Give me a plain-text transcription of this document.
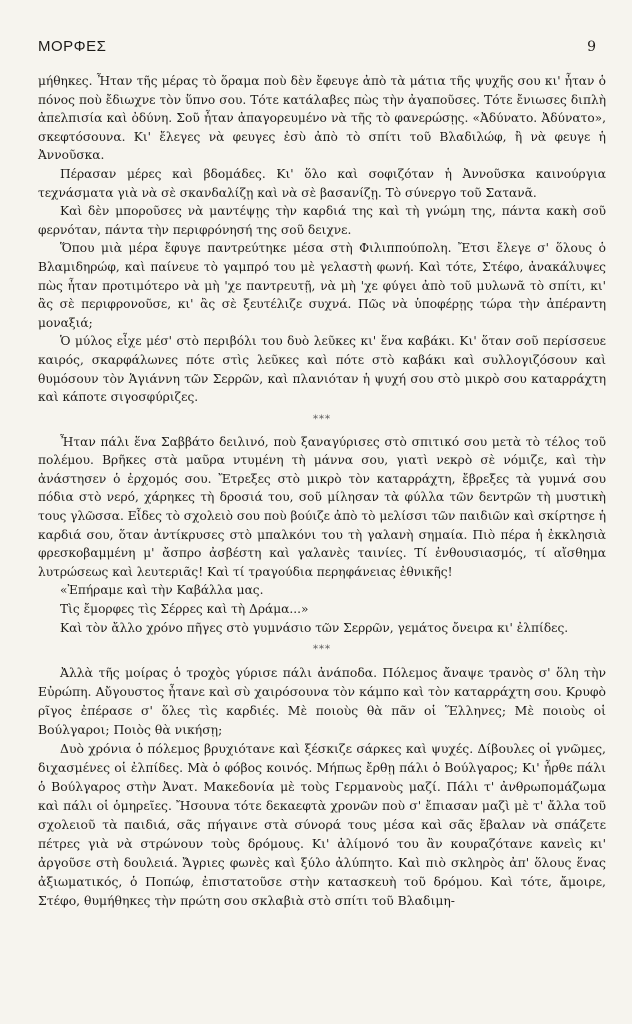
ΜΟΡΦΕΣ	9

μήθηκες. Ἦταν τῆς μέρας τὸ ὅραμα ποὺ δὲν ἔφευγε ἀπὸ τὰ μάτια τῆς ψυχῆς σου κι' ἦταν ὁ πόνος ποὺ ἔδιωχνε τὸν ὕπνο σου. Τότε κατάλαβες πὼς τὴν ἀγαποῦσες. Τότε ἔνιωσες διπλὴ ἀπελπισία καὶ ὀδύνη. Σοῦ ἦταν ἀπαγορευμένο νὰ τῆς τὸ φανερώσῃς. «Ἀδύνατο. Ἀδύνατο», σκεφτόσουνα. Κι' ἔλεγες νὰ φευγες ἐσὺ ἀπὸ τὸ σπίτι τοῦ Βλαδιλώφ, ἢ νὰ φευγε ἡ Ἀννοῦσκα.

Πέρασαν μέρες καὶ βδομάδες. Κι' ὅλο καὶ σοφιζόταν ἡ Ἀννοῦσκα καινούργια τεχνάσματα γιὰ νὰ σὲ σκανδαλίζῃ καὶ νὰ σὲ βασανίζῃ. Τὸ σύνεργο τοῦ Σατανᾶ.

Καὶ δὲν μποροῦσες νὰ μαντέψῃς τὴν καρδιά της καὶ τὴ γνώμη της, πάντα κακὴ σοῦ φερνόταν, πάντα τὴν περιφρόνησή της σοῦ δειχνε.

Ὅπου μιὰ μέρα ἔφυγε παντρεύτηκε μέσα στὴ Φιλιππούπολη. Ἔτσι ἔλεγε σ' ὅλους ὁ Βλαμιδηρώφ, καὶ παίνευε τὸ γαμπρό του μὲ γελαστὴ φωνή. Καὶ τότε, Στέφο, ἀνακάλυψες πὼς ἦταν προτιμότερο νὰ μὴ 'χε παντρευτῇ, νὰ μὴ 'χε φύγει ἀπὸ τοῦ μυλωνᾶ τὸ σπίτι, κι' ἂς σὲ περιφρονοῦσε, κι' ἂς σὲ ξευτέλιζε συχνά. Πῶς νὰ ὑποφέρῃς τώρα τὴν ἀπέραντη μοναξιά;

Ὁ μύλος εἶχε μέσ' στὸ περιβόλι του δυὸ λεῦκες κι' ἕνα καβάκι. Κι' ὅταν σοῦ περίσσευε καιρός, σκαρφάλωνες πότε στὶς λεῦκες καὶ πότε στὸ καβάκι καὶ συλλογιζόσουν καὶ θυμόσουν τὸν Ἁγιάννη τῶν Σερρῶν, καὶ πλανιόταν ἡ ψυχή σου στὸ μικρὸ σου καταρράχτη καὶ κάποτε σιγοσφύριζες.

***

Ἦταν πάλι ἕνα Σαββάτο δειλινό, ποὺ ξαναγύρισες στὸ σπιτικό σου μετὰ τὸ τέλος τοῦ πολέμου. Βρῆκες στὰ μαῦρα ντυμένη τὴ μάννα σου, γιατὶ νεκρὸ σὲ νόμιζε, καὶ τὴν ἀνάστησεν ὁ ἐρχομός σου. Ἔτρεξες στὸ μικρὸ τὸν καταρράχτη, ἔβρεξες τὰ γυμνά σου πόδια στὸ νερό, χάρηκες τὴ δροσιά του, σοῦ μίλησαν τὰ φύλλα τῶν δεντρῶν τὴ μυστικὴ τους γλῶσσα. Εἶδες τὸ σχολειὸ σου ποὺ βούιζε ἀπὸ τὸ μελίσσι τῶν παιδιῶν καὶ σκίρτησε ἡ καρδιά σου, ὅταν ἀντίκρυσες στὸ μπαλκόνι του τὴ γαλανὴ σημαία. Πιὸ πέρα ἡ ἐκκλησιὰ φρεσκοβαμμένη μ' ἄσπρο ἀσβέστη καὶ γαλανὲς ταινίες. Τί ἐνθουσιασμός, τί αἴσθημα λυτρώσεως καὶ λευτεριᾶς! Καὶ τί τραγούδια περηφάνειας ἐθνικῆς!

«Ἐπήραμε καὶ τὴν Καβάλλα μας.

Τὶς ἔμορφες τὶς Σέρρες καὶ τὴ Δράμα...»

Καὶ τὸν ἄλλο χρόνο πῆγες στὸ γυμνάσιο τῶν Σερρῶν, γεμάτος ὄνειρα κι' ἐλπίδες.

***

Ἀλλὰ τῆς μοίρας ὁ τροχὸς γύρισε πάλι ἀνάποδα. Πόλεμος ἄναψε τρανὸς σ' ὅλη τὴν Εὐρώπη. Αὔγουστος ἦτανε καὶ σὺ χαιρόσουνα τὸν κάμπο καὶ τὸν καταρράχτη σου. Κρυφὸ ρῖγος ἐπέρασε σ' ὅλες τὶς καρδιές. Μὲ ποιοὺς θὰ πᾶν οἱ Ἕλληνες; Μὲ ποιοὺς οἱ Βούλγαροι; Ποιὸς θὰ νικήσῃ;

Δυὸ χρόνια ὁ πόλεμος βρυχιότανε καὶ ξέσκιζε σάρκες καὶ ψυχές. Δίβουλες οἱ γνῶμες, διχασμένες οἱ ἐλπίδες. Μὰ ὁ φόβος κοινός. Μήπως ἔρθῃ πάλι ὁ Βούλγαρος; Κι' ἦρθε πάλι ὁ Βούλγαρος στὴν Ἀνατ. Μακεδονία μὲ τοὺς Γερμανοὺς μαζί. Πάλι τ' ἀνθρωπομάζωμα καὶ πάλι οἱ ὁμηρεῖες. Ἤσουνα τότε δεκαεφτὰ χρονῶν ποὺ σ' ἔπιασαν μαζὶ μὲ τ' ἄλλα τοῦ σχολειοῦ τὰ παιδιά, σᾶς πήγαινε στὰ σύνορά τους μέσα καὶ σᾶς ἔβαλαν νὰ σπάζετε πέτρες γιὰ νὰ στρώνουν τοὺς δρόμους. Κι' ἀλίμονό του ἂν κουραζότανε κανεὶς κι' ἀργοῦσε στὴ δουλειά. Ἄγριες φωνὲς καὶ ξύλο ἀλύπητο. Καὶ πιὸ σκληρὸς ἀπ' ὅλους ἕνας ἀξιωματικός, ὁ Ποπώφ, ἐπιστατοῦσε στὴν κατασκευὴ τοῦ δρόμου. Καὶ τότε, ἄμοιρε, Στέφο, θυμήθηκες τὴν πρώτη σου σκλαβιὰ στὸ σπίτι τοῦ Βλαδιμη-
